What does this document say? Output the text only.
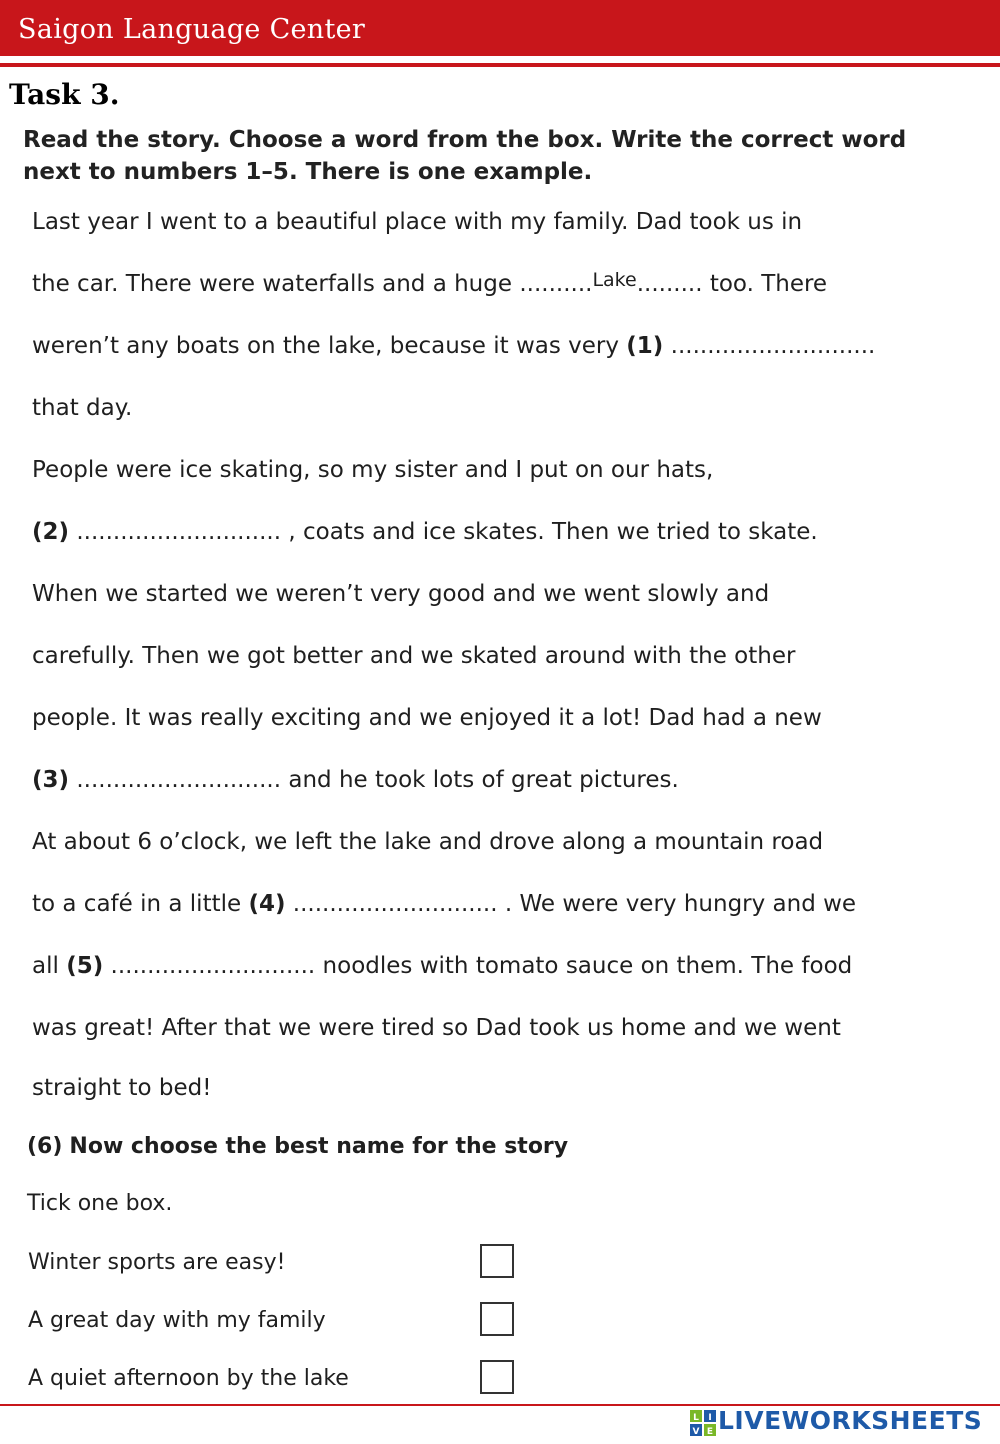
Saigon Language Center
Task 3.
Read the story. Choose a word from the box. Write the correct word
next to numbers 1–5. There is one example.
Last year I went to a beautiful place with my family. Dad took us in
the car. There were waterfalls and a huge ..........$^{Lake}$......... too. There
weren’t any boats on the lake, because it was very (1) ............................
that day.
People were ice skating, so my sister and I put on our hats,
(2) ............................ , coats and ice skates. Then we tried to skate.
When we started we weren’t very good and we went slowly and
carefully. Then we got better and we skated around with the other
people. It was really exciting and we enjoyed it a lot! Dad had a new
(3) ............................ and he took lots of great pictures.
At about 6 o’clock, we left the lake and drove along a mountain road
to a café in a little (4) ............................ . We were very hungry and we
all (5) ............................ noodles with tomato sauce on them. The food
was great! After that we were tired so Dad took us home and we went
straight to bed!
(6) Now choose the best name for the story
Tick one box.
Winter sports are easy!
A great day with my family
A quiet afternoon by the lake
L I
V E LIVEWORKSHEETS
